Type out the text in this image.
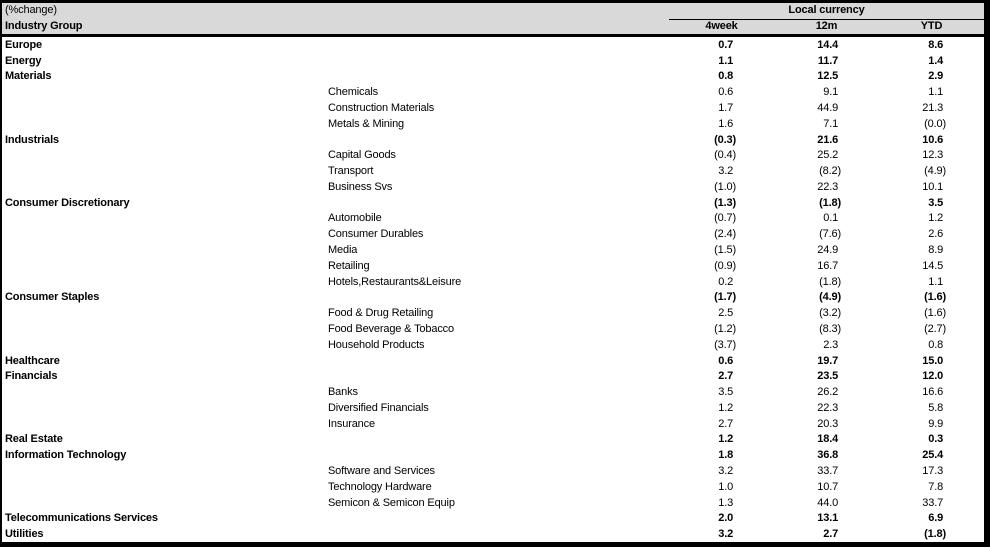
(%change)	Local currency
Industry Group	4week	12m	YTD
Europe	0.7 	14.4 	8.6 
Energy	1.1 	11.7 	1.4 
Materials	0.8 	12.5 	2.9 
Chemicals	0.6 	9.1 	1.1 
Construction Materials	1.7 	44.9 	21.3 
Metals & Mining	1.6 	7.1 	(0.0)
Industrials	(0.3)	21.6 	10.6 
Capital Goods	(0.4)	25.2 	12.3 
Transport	3.2 	(8.2)	(4.9)
Business Svs	(1.0)	22.3 	10.1 
Consumer Discretionary	(1.3)	(1.8)	3.5 
Automobile	(0.7)	0.1 	1.2 
Consumer Durables	(2.4)	(7.6)	2.6 
Media	(1.5)	24.9 	8.9 
Retailing	(0.9)	16.7 	14.5 
Hotels,Restaurants&Leisure	0.2 	(1.8)	1.1 
Consumer Staples	(1.7)	(4.9)	(1.6)
Food & Drug Retailing	2.5 	(3.2)	(1.6)
Food Beverage & Tobacco	(1.2)	(8.3)	(2.7)
Household Products	(3.7)	2.3 	0.8 
Healthcare	0.6 	19.7 	15.0 
Financials	2.7 	23.5 	12.0 
Banks	3.5 	26.2 	16.6 
Diversified Financials	1.2 	22.3 	5.8 
Insurance	2.7 	20.3 	9.9 
Real Estate	1.2 	18.4 	0.3 
Information Technology	1.8 	36.8 	25.4 
Software and Services	3.2 	33.7 	17.3 
Technology Hardware	1.0 	10.7 	7.8 
Semicon & Semicon Equip	1.3 	44.0 	33.7 
Telecommunications Services	2.0 	13.1 	6.9 
Utilities	3.2 	2.7 	(1.8)
